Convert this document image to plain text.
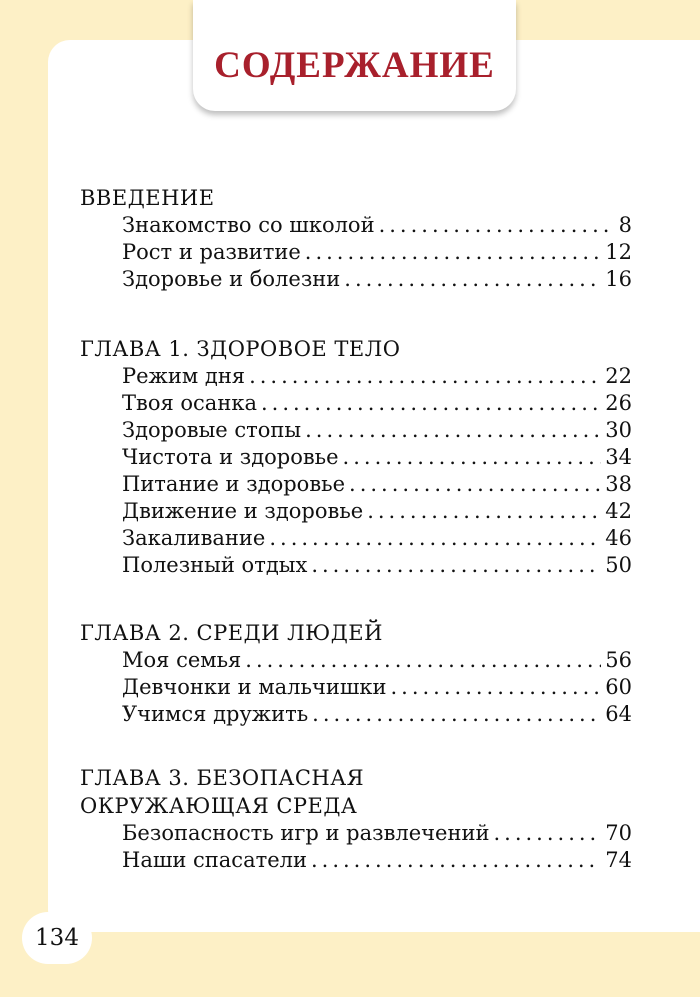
СОДЕРЖАНИЕ
ВВЕДЕНИЕ
Знакомство со школой .....	8
Рост и развитие .....	12
Здоровье и болезни .....	16
ГЛАВА 1. ЗДОРОВОЕ ТЕЛО
Режим дня .....	22
Твоя осанка .....	26
Здоровые стопы .....	30
Чистота и здоровье .....	34
Питание и здоровье .....	38
Движение и здоровье .....	42
Закаливание .....	46
Полезный отдых .....	50
ГЛАВА 2. СРЕДИ ЛЮДЕЙ
Моя семья .....	56
Девчонки и мальчишки .....	60
Учимся дружить .....	64
ГЛАВА 3. БЕЗОПАСНАЯ
ОКРУЖАЮЩАЯ СРЕДА
Безопасность игр и развлечений .....	70
Наши спасатели .....	74
134
